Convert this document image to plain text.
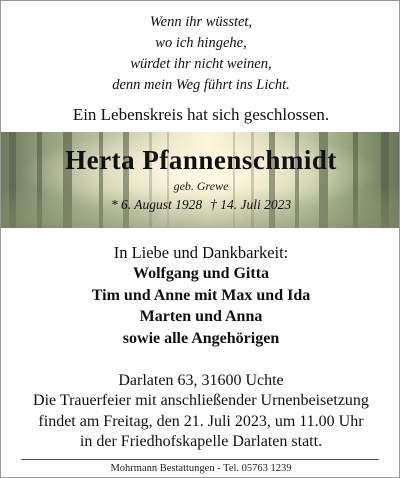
Wenn ihr wüsstet,
wo ich hingehe,
würdet ihr nicht weinen,
denn mein Weg führt ins Licht.
Ein Lebenskreis hat sich geschlossen.
Herta Pfannenschmidt
geb. Grewe
* 6. August 1928 † 14. Juli 2023
In Liebe und Dankbarkeit:
Wolfgang und Gitta
Tim und Anne mit Max und Ida
Marten und Anna
sowie alle Angehörigen
Darlaten 63, 31600 Uchte
Die Trauerfeier mit anschließender Urnenbeisetzung
findet am Freitag, den 21. Juli 2023, um 11.00 Uhr
in der Friedhofskapelle Darlaten statt.
Mohrmann Bestattungen - Tel. 05763 1239
